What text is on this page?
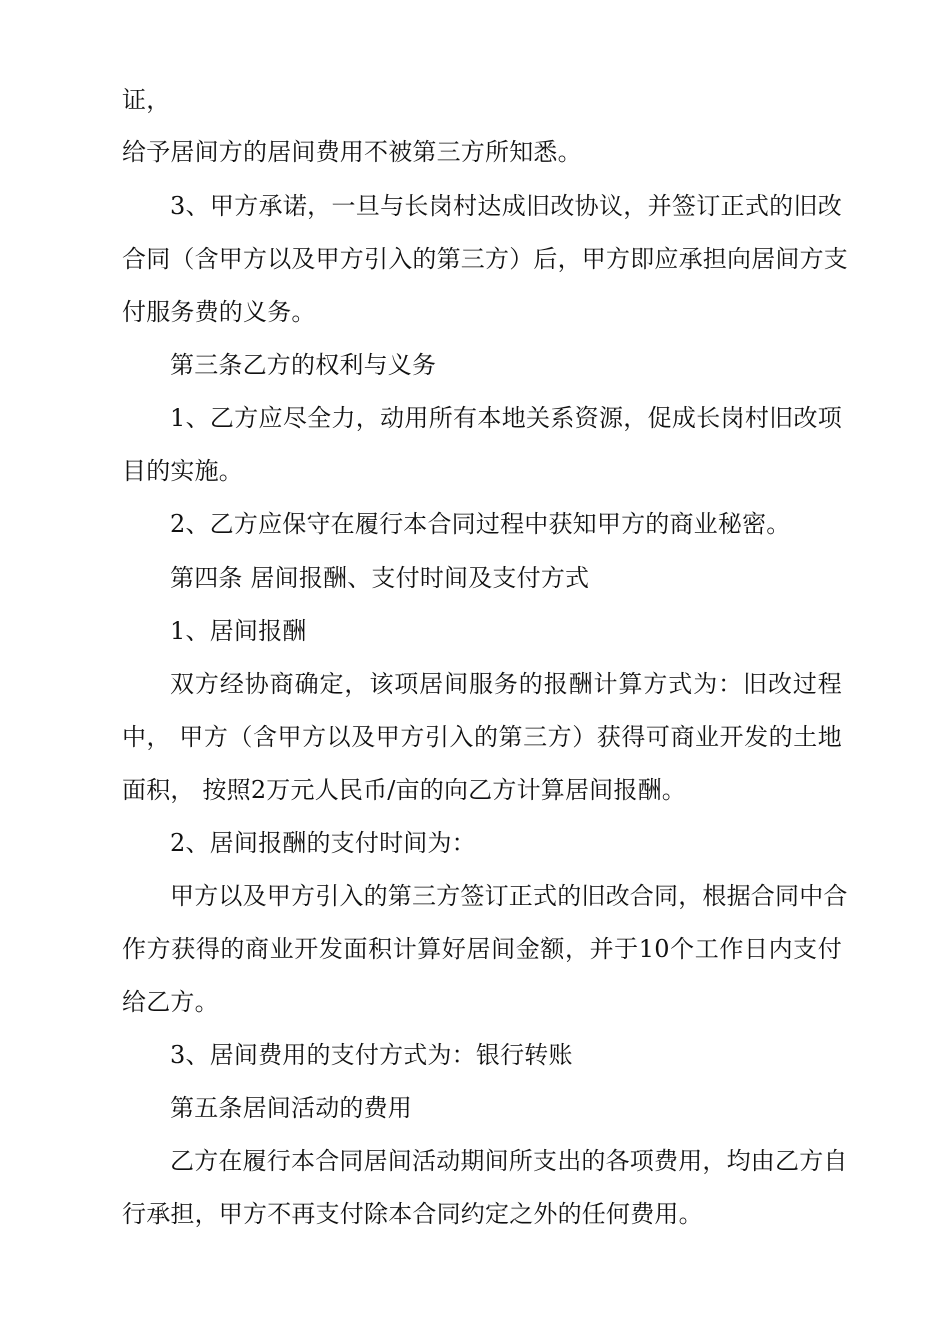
证，
给予居间方的居间费用不被第三方所知悉。
3、甲方承诺，一旦与长岗村达成旧改协议，并签订正式的旧改
合同（含甲方以及甲方引入的第三方）后，甲方即应承担向居间方支
付服务费的义务。
第三条乙方的权利与义务
1、乙方应尽全力，动用所有本地关系资源，促成长岗村旧改项
目的实施。
2、乙方应保守在履行本合同过程中获知甲方的商业秘密。
第四条 居间报酬、支付时间及支付方式
1、居间报酬
双方经协商确定，该项居间服务的报酬计算方式为：旧改过程
中， 甲方（含甲方以及甲方引入的第三方）获得可商业开发的土地
面积， 按照2万元人民币/亩的向乙方计算居间报酬。
2、居间报酬的支付时间为：
甲方以及甲方引入的第三方签订正式的旧改合同，根据合同中合
作方获得的商业开发面积计算好居间金额，并于10个工作日内支付
给乙方。
3、居间费用的支付方式为：银行转账
第五条居间活动的费用
乙方在履行本合同居间活动期间所支出的各项费用，均由乙方自
行承担，甲方不再支付除本合同约定之外的任何费用。
